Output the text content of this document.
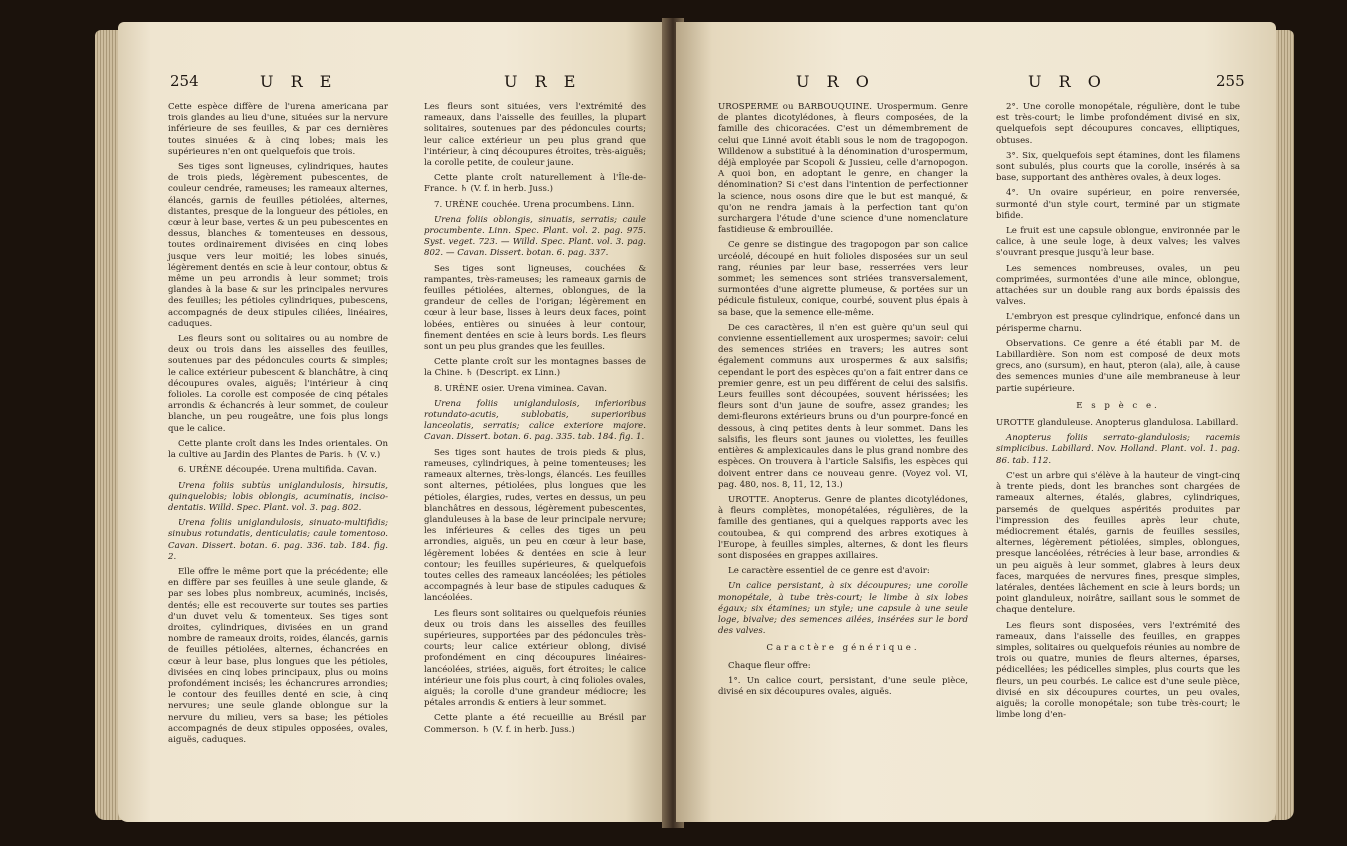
254	U R E	U R E

Cette espèce diffère de l'urena americana par trois glandes au lieu d'une, situées sur la nervure inférieure de ses feuilles, & par ces dernières toutes sinuées & à cinq lobes; mais les supérieures n'en ont quelquefois que trois.

Ses tiges sont ligneuses, cylindriques, hautes de trois pieds, légèrement pubescentes, de couleur cendrée, rameuses; les rameaux alternes, élancés, garnis de feuilles pétiolées, alternes, distantes, presque de la longueur des pétioles, en cœur à leur base, vertes & un peu pubescentes en dessus, blanches & tomenteuses en dessous, toutes ordinairement divisées en cinq lobes jusque vers leur moitié; les lobes sinués, légèrement dentés en scie à leur contour, obtus & même un peu arrondis à leur sommet; trois glandes à la base & sur les principales nervures des feuilles; les pétioles cylindriques, pubescens, accompagnés de deux stipules ciliées, linéaires, caduques.

Les fleurs sont ou solitaires ou au nombre de deux ou trois dans les aisselles des feuilles, soutenues par des pédoncules courts & simples; le calice extérieur pubescent & blanchâtre, à cinq découpures ovales, aiguës; l'intérieur à cinq folioles. La corolle est composée de cinq pétales arrondis & échancrés à leur sommet, de couleur blanche, un peu rougeâtre, une fois plus longs que le calice.

Cette plante croît dans les Indes orientales. On la cultive au Jardin des Plantes de Paris. ♄ (V. v.)

6. URÈNE découpée. Urena multifida. Cavan.

Urena foliis subtùs uniglandulosis, hirsutis, quinquelobis; lobis oblongis, acuminatis, inciso-dentatis. Willd. Spec. Plant. vol. 3. pag. 802.

Urena foliis uniglandulosis, sinuato-multifidis; sinubus rotundatis, denticulatis; caule tomentoso. Cavan. Dissert. botan. 6. pag. 336. tab. 184. fig. 2.

Elle offre le même port que la précédente; elle en diffère par ses feuilles à une seule glande, & par ses lobes plus nombreux, acuminés, incisés, dentés; elle est recouverte sur toutes ses parties d'un duvet velu & tomenteux. Ses tiges sont droites, cylindriques, divisées en un grand nombre de rameaux droits, roides, élancés, garnis de feuilles pétiolées, alternes, échancrées en cœur à leur base, plus longues que les pétioles, divisées en cinq lobes principaux, plus ou moins profondément incisés; les échancrures arrondies; le contour des feuilles denté en scie, à cinq nervures; une seule glande oblongue sur la nervure du milieu, vers sa base; les pétioles accompagnés de deux stipules opposées, ovales, aiguës, caduques.

Les fleurs sont situées, vers l'extrémité des rameaux, dans l'aisselle des feuilles, la plupart solitaires, soutenues par des pédoncules courts; leur calice extérieur un peu plus grand que l'intérieur, à cinq découpures étroites, très-aiguës; la corolle petite, de couleur jaune.

Cette plante croît naturellement à l'Île-de-France. ♄ (V. f. in herb. Juss.)

7. URÈNE couchée. Urena procumbens. Linn.

Urena foliis oblongis, sinuatis, serratis; caule procumbente. Linn. Spec. Plant. vol. 2. pag. 975. Syst. veget. 723. — Willd. Spec. Plant. vol. 3. pag. 802. — Cavan. Dissert. botan. 6. pag. 337.

Ses tiges sont ligneuses, couchées & rampantes, très-rameuses; les rameaux garnis de feuilles pétiolées, alternes, oblongues, de la grandeur de celles de l'origan; légèrement en cœur à leur base, lisses à leurs deux faces, point lobées, entières ou sinuées à leur contour, finement dentées en scie à leurs bords. Les fleurs sont un peu plus grandes que les feuilles.

Cette plante croît sur les montagnes basses de la Chine. ♄ (Descript. ex Linn.)

8. URÈNE osier. Urena viminea. Cavan.

Urena foliis uniglandulosis, inferioribus rotundato-acutis, sublobatis, superioribus lanceolatis, serratis; calice exteriore majore. Cavan. Dissert. botan. 6. pag. 335. tab. 184. fig. 1.

Ses tiges sont hautes de trois pieds & plus, rameuses, cylindriques, à peine tomenteuses; les rameaux alternes, très-longs, élancés. Les feuilles sont alternes, pétiolées, plus longues que les pétioles, élargies, rudes, vertes en dessus, un peu blanchâtres en dessous, légèrement pubescentes, glanduleuses à la base de leur principale nervure; les inférieures & celles des tiges un peu arrondies, aiguës, un peu en cœur à leur base, légèrement lobées & dentées en scie à leur contour; les feuilles supérieures, & quelquefois toutes celles des rameaux lancéolées; les pétioles accompagnés à leur base de stipules caduques & lancéolées.

Les fleurs sont solitaires ou quelquefois réunies deux ou trois dans les aisselles des feuilles supérieures, supportées par des pédoncules très-courts; leur calice extérieur oblong, divisé profondément en cinq découpures linéaires-lancéolées, striées, aiguës, fort étroites; le calice intérieur une fois plus court, à cinq folioles ovales, aiguës; la corolle d'une grandeur médiocre; les pétales arrondis & entiers à leur sommet.

Cette plante a été recueillie au Brésil par Commerson. ♄ (V. f. in herb. Juss.)

U R O	U R O	255

UROSPERME ou BARBOUQUINE. Urospermum. Genre de plantes dicotylédones, à fleurs composées, de la famille des chicoracées. C'est un démembrement de celui que Linné avoit établi sous le nom de tragopogon. Willdenow a substitué à la dénomination d'urospermum, déjà employée par Scopoli & Jussieu, celle d'arnopogon. A quoi bon, en adoptant le genre, en changer la dénomination? Si c'est dans l'intention de perfectionner la science, nous osons dire que le but est manqué, & qu'on ne rendra jamais à la perfection tant qu'on surchargera l'étude d'une science d'une nomenclature fastidieuse & embrouillée.

Ce genre se distingue des tragopogon par son calice urcéolé, découpé en huit folioles disposées sur un seul rang, réunies par leur base, resserrées vers leur sommet; les semences sont striées transversalement, surmontées d'une aigrette plumeuse, & portées sur un pédicule fistuleux, conique, courbé, souvent plus épais à sa base, que la semence elle-même.

De ces caractères, il n'en est guère qu'un seul qui convienne essentiellement aux urospermes; savoir: celui des semences striées en travers; les autres sont également communs aux urospermes & aux salsifis; cependant le port des espèces qu'on a fait entrer dans ce premier genre, est un peu différent de celui des salsifis. Leurs feuilles sont découpées, souvent hérissées; les fleurs sont d'un jaune de soufre, assez grandes; les demi-fleurons extérieurs bruns ou d'un pourpre-foncé en dessous, à cinq petites dents à leur sommet. Dans les salsifis, les fleurs sont jaunes ou violettes, les feuilles entières & amplexicaules dans le plus grand nombre des espèces. On trouvera à l'article Salsifis, les espèces qui doivent entrer dans ce nouveau genre. (Voyez vol. VI, pag. 480, nos. 8, 11, 12, 13.)

UROTTE. Anopterus. Genre de plantes dicotylédones, à fleurs complètes, monopétalées, régulières, de la famille des gentianes, qui a quelques rapports avec les coutoubea, & qui comprend des arbres exotiques à l'Europe, à feuilles simples, alternes, & dont les fleurs sont disposées en grappes axillaires.

Le caractère essentiel de ce genre est d'avoir:

Un calice persistant, à six découpures; une corolle monopétale, à tube très-court; le limbe à six lobes égaux; six étamines; un style; une capsule à une seule loge, bivalve; des semences ailées, insérées sur le bord des valves.

Caractère générique.

Chaque fleur offre:

1°. Un calice court, persistant, d'une seule pièce, divisé en six découpures ovales, aiguës.

2°. Une corolle monopétale, régulière, dont le tube est très-court; le limbe profondément divisé en six, quelquefois sept découpures concaves, elliptiques, obtuses.

3°. Six, quelquefois sept étamines, dont les filamens sont subulés, plus courts que la corolle, insérés à sa base, supportant des anthères ovales, à deux loges.

4°. Un ovaire supérieur, en poire renversée, surmonté d'un style court, terminé par un stigmate bifide.

Le fruit est une capsule oblongue, environnée par le calice, à une seule loge, à deux valves; les valves s'ouvrant presque jusqu'à leur base.

Les semences nombreuses, ovales, un peu comprimées, surmontées d'une aile mince, oblongue, attachées sur un double rang aux bords épaissis des valves.

L'embryon est presque cylindrique, enfoncé dans un périsperme charnu.

Observations. Ce genre a été établi par M. de Labillardière. Son nom est composé de deux mots grecs, ano (sursum), en haut, pteron (ala), aile, à cause des semences munies d'une aile membraneuse à leur partie supérieure.

E s p è c e.

UROTTE glanduleuse. Anopterus glandulosa. Labillard.

Anopterus foliis serrato-glandulosis; racemis simplicibus. Labillard. Nov. Holland. Plant. vol. 1. pag. 86. tab. 112.

C'est un arbre qui s'élève à la hauteur de vingt-cinq à trente pieds, dont les branches sont chargées de rameaux alternes, étalés, glabres, cylindriques, parsemés de quelques aspérités produites par l'impression des feuilles après leur chute, médiocrement étalés, garnis de feuilles sessiles, alternes, légèrement pétiolées, simples, oblongues, presque lancéolées, rétrécies à leur base, arrondies & un peu aiguës à leur sommet, glabres à leurs deux faces, marquées de nervures fines, presque simples, latérales, dentées lâchement en scie à leurs bords; un point glanduleux, noirâtre, saillant sous le sommet de chaque dentelure.

Les fleurs sont disposées, vers l'extrémité des rameaux, dans l'aisselle des feuilles, en grappes simples, solitaires ou quelquefois réunies au nombre de trois ou quatre, munies de fleurs alternes, éparses, pédicellées; les pédicelles simples, plus courts que les fleurs, un peu courbés. Le calice est d'une seule pièce, divisé en six découpures courtes, un peu ovales, aiguës; la corolle monopétale; son tube très-court; le limbe long d'en-
